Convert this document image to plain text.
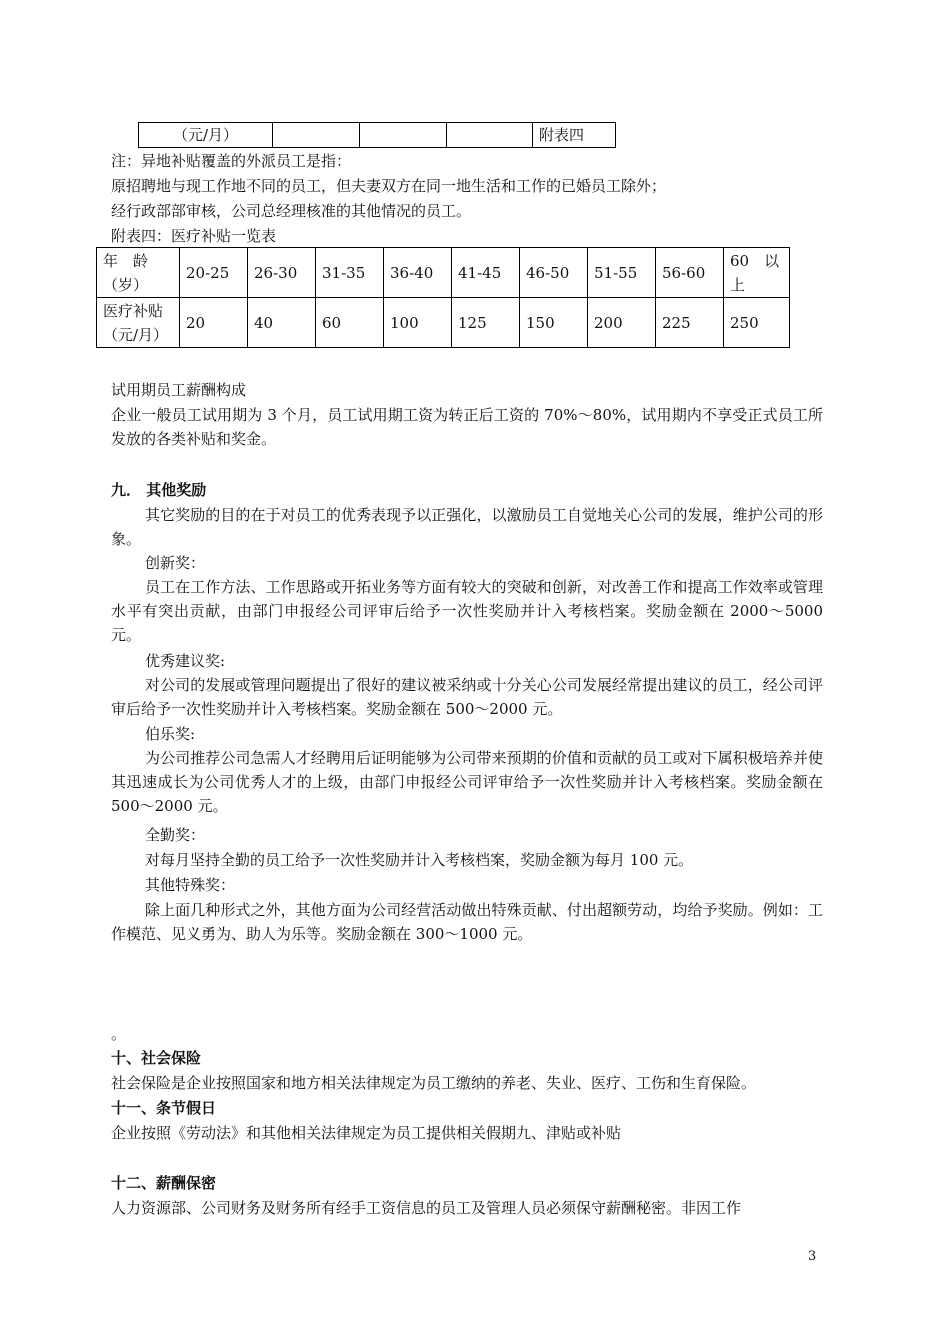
（元/月）				附表四
注：异地补贴覆盖的外派员工是指：
原招聘地与现工作地不同的员工，但夫妻双方在同一地生活和工作的已婚员工除外；
经行政部部审核，公司总经理核准的其他情况的员工。
附表四：医疗补贴一览表
年　龄（岁）	20-25	26-30	31-35	36-40	41-45	46-50	51-55	56-60	60　以上
医疗补贴（元/月）	20	40	60	100	125	150	200	225	250
试用期员工薪酬构成
企业一般员工试用期为 3 个月，员工试用期工资为转正后工资的 70%～80%，试用期内不享受正式员工所发放的各类补贴和奖金。
九． 其他奖励
其它奖励的目的在于对员工的优秀表现予以正强化，以激励员工自觉地关心公司的发展，维护公司的形象。
创新奖：
员工在工作方法、工作思路或开拓业务等方面有较大的突破和创新，对改善工作和提高工作效率或管理水平有突出贡献，由部门申报经公司评审后给予一次性奖励并计入考核档案。奖励金额在 2000～5000 元。
优秀建议奖:
对公司的发展或管理问题提出了很好的建议被采纳或十分关心公司发展经常提出建议的员工，经公司评审后给予一次性奖励并计入考核档案。奖励金额在 500～2000 元。
伯乐奖:
为公司推荐公司急需人才经聘用后证明能够为公司带来预期的价值和贡献的员工或对下属积极培养并使其迅速成长为公司优秀人才的上级，由部门申报经公司评审给予一次性奖励并计入考核档案。奖励金额在 500～2000 元。
全勤奖：
对每月坚持全勤的员工给予一次性奖励并计入考核档案，奖励金额为每月 100 元。
其他特殊奖：
除上面几种形式之外，其他方面为公司经营活动做出特殊贡献、付出超额劳动，均给予奖励。例如：工作模范、见义勇为、助人为乐等。奖励金额在 300～1000 元。
。
十、社会保险
社会保险是企业按照国家和地方相关法律规定为员工缴纳的养老、失业、医疗、工伤和生育保险。
十一、条节假日
企业按照《劳动法》和其他相关法律规定为员工提供相关假期九、津贴或补贴
十二、薪酬保密
人力资源部、公司财务及财务所有经手工资信息的员工及管理人员必须保守薪酬秘密。非因工作
3
